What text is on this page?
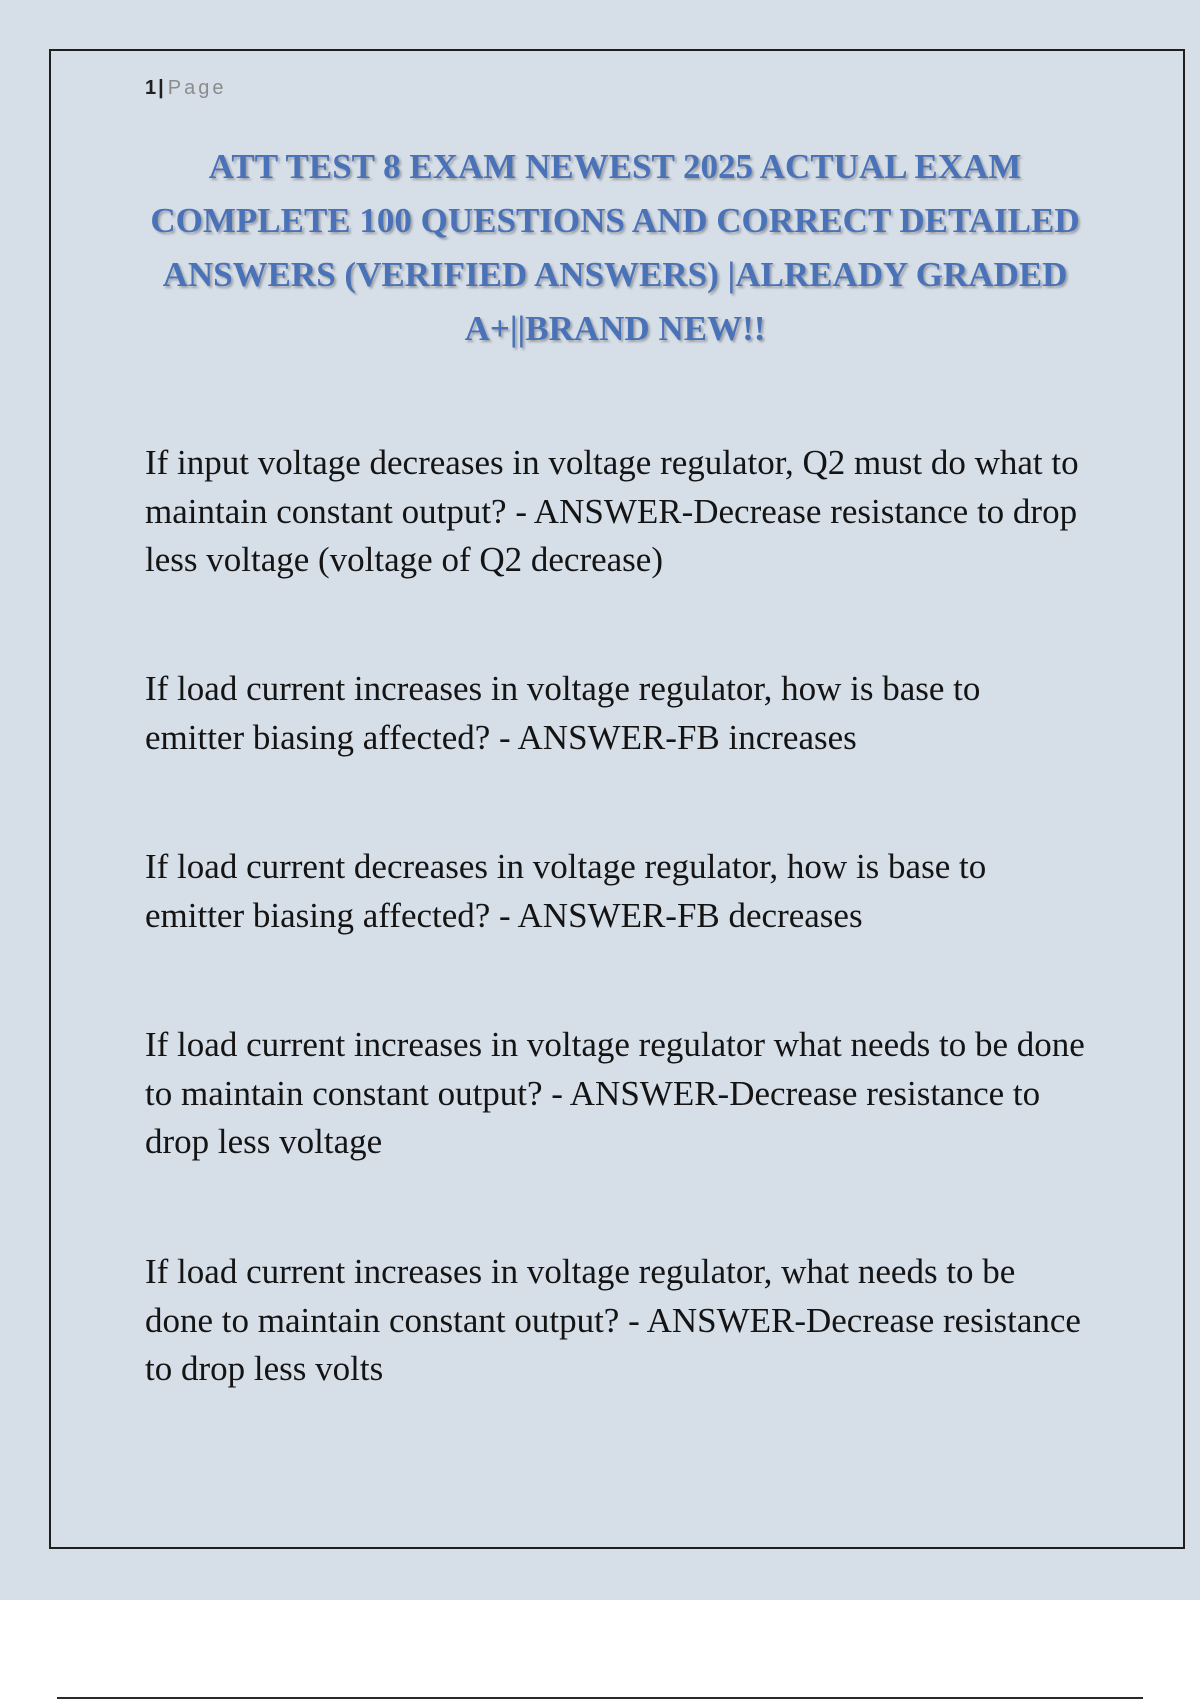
1 | Page
ATT TEST 8 EXAM NEWEST 2025 ACTUAL EXAM COMPLETE 100 QUESTIONS AND CORRECT DETAILED ANSWERS (VERIFIED ANSWERS) |ALREADY GRADED A+||BRAND NEW!!

If input voltage decreases in voltage regulator, Q2 must do what to maintain constant output? - ANSWER-Decrease resistance to drop less voltage (voltage of Q2 decrease)

If load current increases in voltage regulator, how is base to emitter biasing affected? - ANSWER-FB increases

If load current decreases in voltage regulator, how is base to emitter biasing affected? - ANSWER-FB decreases

If load current increases in voltage regulator what needs to be done to maintain constant output? - ANSWER-Decrease resistance to drop less voltage

If load current increases in voltage regulator, what needs to be done to maintain constant output? - ANSWER-Decrease resistance to drop less volts
